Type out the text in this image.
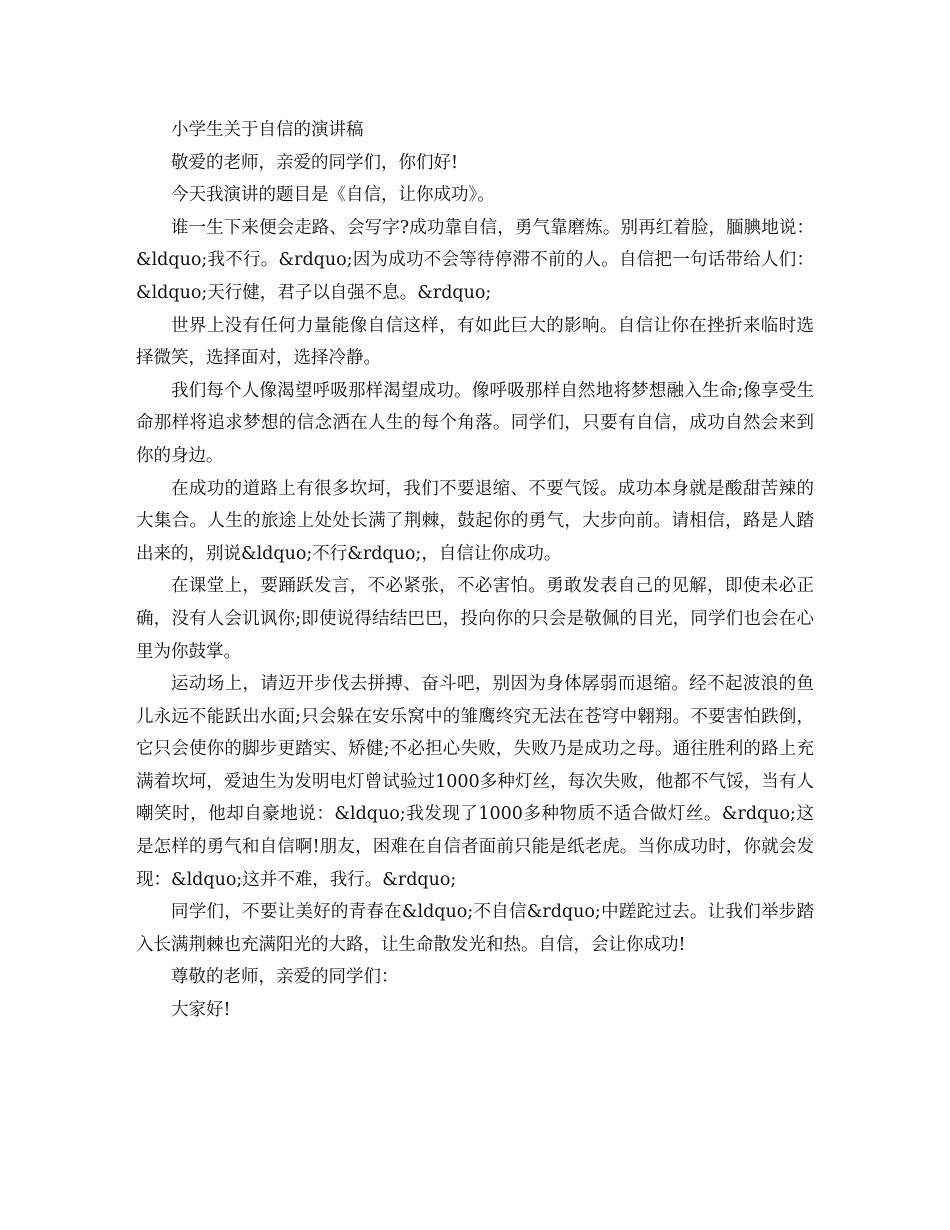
小学生关于自信的演讲稿

敬爱的老师，亲爱的同学们，你们好!

今天我演讲的题目是《自信，让你成功》。

谁一生下来便会走路、会写字?成功靠自信，勇气靠磨炼。别再红着脸，腼腆地说：&ldquo;我不行。&rdquo;因为成功不会等待停滞不前的人。自信把一句话带给人们：&ldquo;天行健，君子以自强不息。&rdquo;

世界上没有任何力量能像自信这样，有如此巨大的影响。自信让你在挫折来临时选择微笑，选择面对，选择冷静。

我们每个人像渴望呼吸那样渴望成功。像呼吸那样自然地将梦想融入生命;像享受生命那样将追求梦想的信念洒在人生的每个角落。同学们，只要有自信，成功自然会来到你的身边。

在成功的道路上有很多坎坷，我们不要退缩、不要气馁。成功本身就是酸甜苦辣的大集合。人生的旅途上处处长满了荆棘，鼓起你的勇气，大步向前。请相信，路是人踏出来的，别说&ldquo;不行&rdquo;，自信让你成功。

在课堂上，要踊跃发言，不必紧张，不必害怕。勇敢发表自己的见解，即使未必正确，没有人会讥讽你;即使说得结结巴巴，投向你的只会是敬佩的目光，同学们也会在心里为你鼓掌。

运动场上，请迈开步伐去拼搏、奋斗吧，别因为身体孱弱而退缩。经不起波浪的鱼儿永远不能跃出水面;只会躲在安乐窝中的雏鹰终究无法在苍穹中翱翔。不要害怕跌倒，它只会使你的脚步更踏实、矫健;不必担心失败，失败乃是成功之母。通往胜利的路上充满着坎坷，爱迪生为发明电灯曾试验过1000多种灯丝，每次失败，他都不气馁，当有人嘲笑时，他却自豪地说：&ldquo;我发现了1000多种物质不适合做灯丝。&rdquo;这是怎样的勇气和自信啊!朋友，困难在自信者面前只能是纸老虎。当你成功时，你就会发现：&ldquo;这并不难，我行。&rdquo;

同学们，不要让美好的青春在&ldquo;不自信&rdquo;中蹉跎过去。让我们举步踏入长满荆棘也充满阳光的大路，让生命散发光和热。自信，会让你成功!

尊敬的老师，亲爱的同学们：

大家好!
